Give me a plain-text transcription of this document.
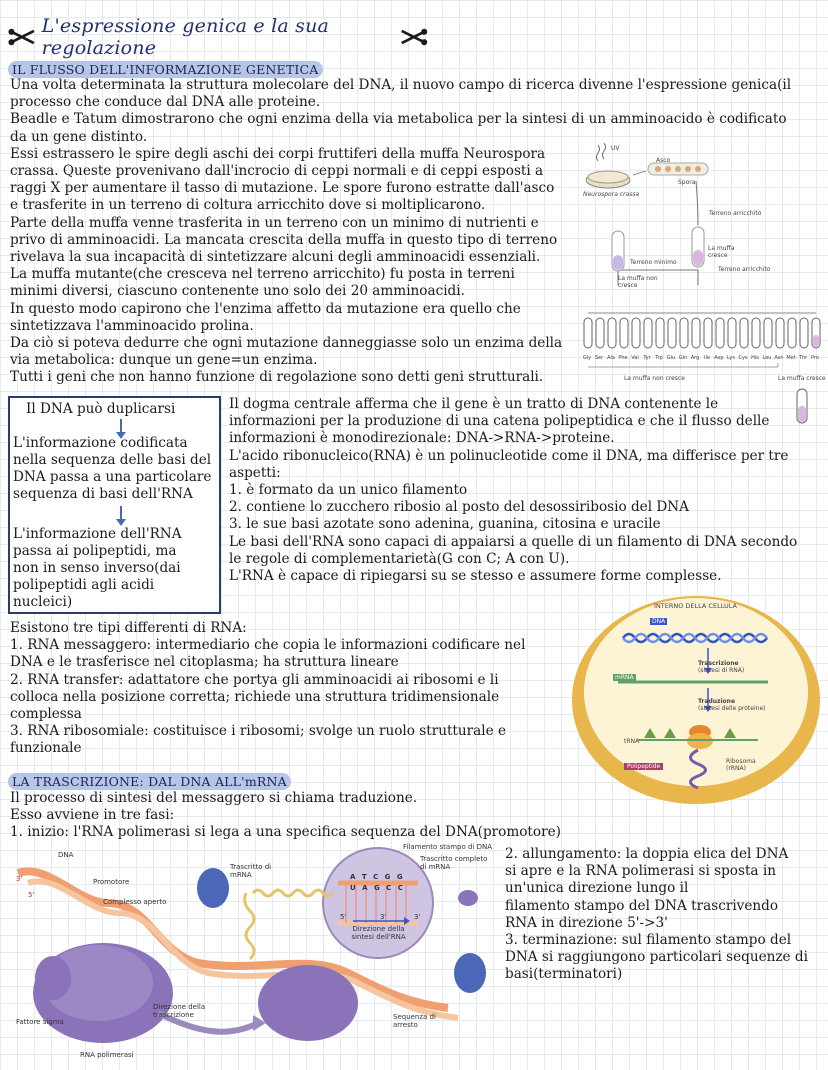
L'espressione genica e la sua regolazione
IL FLUSSO DELL'INFORMAZIONE GENETICA

Una volta determinata la struttura molecolare del DNA, il nuovo campo di ricerca divenne l'espressione genica(il

processo che conduce dal DNA alle proteine.

Beadle e Tatum dimostrarono che ogni enzima della via metabolica per la sintesi di un amminoacido è codificato

da un gene distinto.

Essi estrassero le spire degli aschi dei corpi fruttiferi della muffa Neurospora

crassa. Queste provenivano dall'incrocio di ceppi normali e di ceppi esposti a

raggi X per aumentare il tasso di mutazione. Le spore furono estratte dall'asco

e trasferite in un terreno di coltura arricchito dove si moltiplicarono.

Parte della muffa venne trasferita in un terreno con un minimo di nutrienti e

privo di amminoacidi. La mancata crescita della muffa in questo tipo di terreno

rivelava la sua incapacità di sintetizzare alcuni degli amminoacidi essenziali.

La muffa mutante(che cresceva nel terreno arricchito) fu posta in terreni

minimi diversi, ciascuno contenente uno solo dei 20 amminoacidi.

In questo modo capirono che l'enzima affetto da mutazione era quello che

sintetizzava l'amminoacido prolina.

Da ciò si poteva dedurre che ogni mutazione danneggiasse solo un enzima della

via metabolica: dunque un gene=un enzima.

Tutti i geni che non hanno funzione di regolazione sono detti geni strutturali.

UV
Asco
Spora
Neurospora crassa
Terreno arricchito
Terreno minimo
La muffa cresce
La muffa non cresce
Terreno arricchito
Gly Ser Ala Phe Val Tyr Trp Glu Gln Arg Ile Asp Lys Cys His Leu Asn Met Thr Pro
La muffa non cresce	La muffa cresce
Il DNA può duplicarsi
L'informazione codificata
nella sequenza delle basi del
DNA passa a una particolare
sequenza di basi dell'RNA
L'informazione dell'RNA
passa ai polipeptidi, ma
non in senso inverso(dai
polipeptidi agli acidi
nucleici)

Il dogma centrale afferma che il gene è un tratto di DNA contenente le

informazioni per la produzione di una catena polipeptidica e che il flusso delle

informazioni è monodirezionale: DNA->RNA->proteine.

L'acido ribonucleico(RNA) è un polinucleotide come il DNA, ma differisce per tre

aspetti:

1. è formato da un unico filamento

2. contiene lo zucchero ribosio al posto del desossiribosio del DNA

3. le sue basi azotate sono adenina, guanina, citosina e uracile

Le basi dell'RNA sono capaci di appaiarsi a quelle di un filamento di DNA secondo

le regole di complementarietà(G con C; A con U).

L'RNA è capace di ripiegarsi su se stesso e assumere forme complesse.

Esistono tre tipi differenti di RNA:

1. RNA messaggero: intermediario che copia le informazioni codificare nel

DNA e le trasferisce nel citoplasma; ha struttura lineare

2. RNA transfer: adattatore che portya gli amminoacidi ai ribosomi e li

colloca nella posizione corretta; richiede una struttura tridimensionale

complessa

3. RNA ribosomiale: costituisce i ribosomi; svolge un ruolo strutturale e

funzionale

INTERNO DELLA CELLULA
DNA
Trascrizione
(sintesi di RNA)
mRNA
Traduzione
(sintesi delle proteine)
tRNA
Polipeptide
Ribosoma
(rRNA)
LA TRASCRIZIONE: DAL DNA ALL'mRNA

Il processo di sintesi del messaggero si chiama traduzione.

Esso avviene in tre fasi:

1. inizio: l'RNA polimerasi si lega a una specifica sequenza del DNA(promotore)

2. allungamento: la doppia elica del DNA

si apre e la RNA polimerasi si sposta in

un'unica direzione lungo il

filamento stampo del DNA trascrivendo

RNA in direzione 5'->3'

3. terminazione: sul filamento stampo del

DNA si raggiungono particolari sequenze di

basi(terminatori)

DNA
Promotore
Complesso aperto
Trascritto di mRNA
Filamento stampo di DNA
Trascritto completo di mRNA
A T C G G
U A G C C
5'	3'	3'
Direzione della sintesi dell'RNA
Fattore sigma
Direzione della trascrizione	Sequenza di arresto
RNA polimerasi
3'
5'
